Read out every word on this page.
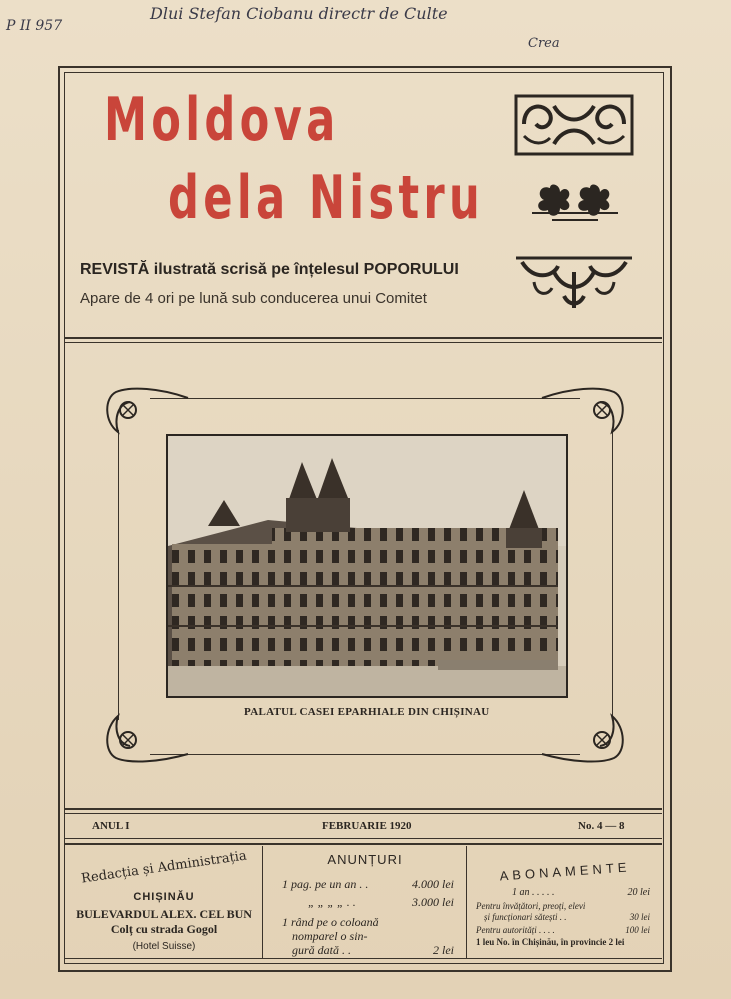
P II 957
Dlui Stefan Ciobanu directr de Culte
Crea
Moldova
dela Nistru
REVISTĂ ilustrată scrisă pe înțelesul POPORULUI
Apare de 4 ori pe lună sub conducerea unui Comitet
PALATUL CASEI EPARHIALE DIN CHIȘINAU
ANUL I	FEBRUARIE 1920	No. 4 — 8
Redacția și Administrația
CHIȘINĂU
BULEVARDUL ALEX. CEL BUN
Colț cu strada Gogol
(Hotel Suisse)
ANUNȚURI
1 pag. pe un an . .	4.000 lei
„ „ „ „ . .	3.000 lei
1 rând pe o coloană
nomparel o sin-
gură dată . .	2 lei
ABONAMENTE
1 an . . . . .	20 lei
Pentru învățători, preoți, elevi
și funcționari sătești . .	30 lei
Pentru autorități . . . .	100 lei
1 leu No. în Chișinău, în provincie 2 lei
